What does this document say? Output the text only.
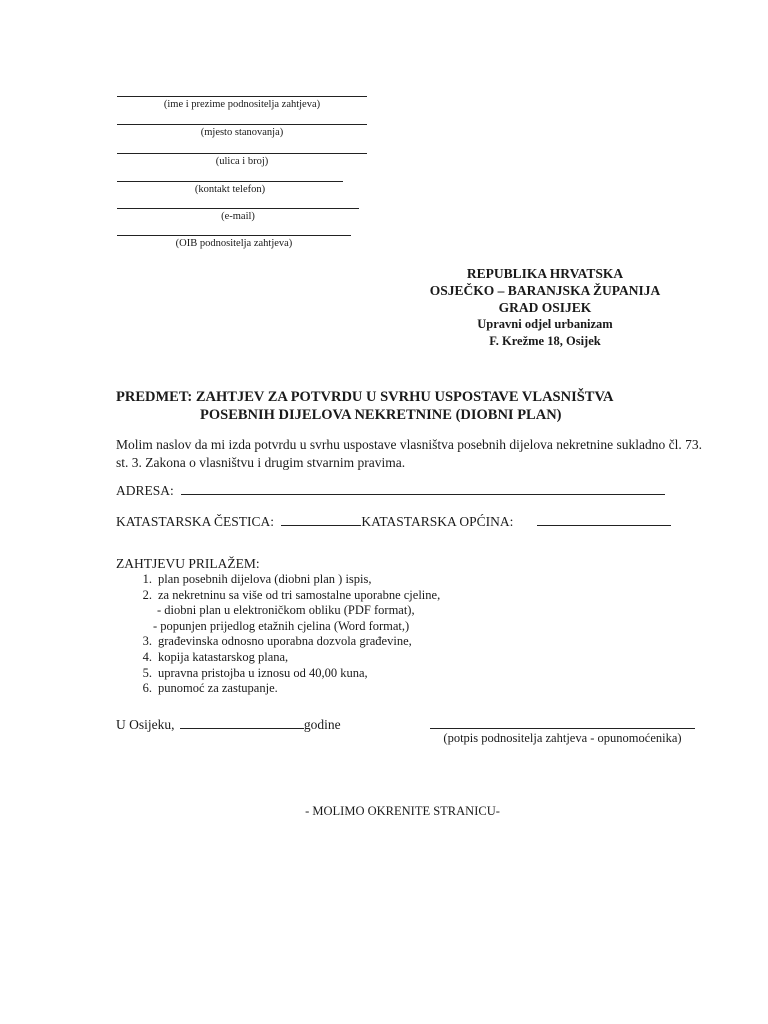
(ime i prezime podnositelja zahtjeva)
(mjesto stanovanja)
(ulica i broj)
(kontakt telefon)
(e-mail)
(OIB podnositelja zahtjeva)
REPUBLIKA HRVATSKA
OSJEČKO – BARANJSKA ŽUPANIJA
GRAD OSIJEK
Upravni odjel urbanizam
F. Krežme 18, Osijek
PREDMET: ZAHTJEV ZA POTVRDU U SVRHU USPOSTAVE VLASNIŠTVA
POSEBNIH DIJELOVA NEKRETNINE (DIOBNI PLAN)
Molim naslov da mi izda potvrdu u svrhu uspostave vlasništva posebnih dijelova nekretnine sukladno čl. 73. st. 3. Zakona o vlasništvu i drugim stvarnim pravima.
ADRESA:
KATASTARSKA ČESTICA:	KATASTARSKA OPĆINA:
ZAHTJEVU PRILAŽEM:
1. plan posebnih dijelova (diobni plan ) ispis,
2. za nekretninu sa više od tri samostalne uporabne cjeline,
- diobni plan u elektroničkom obliku (PDF format),
- popunjen prijedlog etažnih cjelina (Word format,)
3. građevinska odnosno uporabna dozvola građevine,
4. kopija katastarskog plana,
5. upravna pristojba u iznosu od 40,00 kuna,
6. punomoć za zastupanje.
U Osijeku,	godine
(potpis podnositelja zahtjeva - opunomoćenika)
- MOLIMO OKRENITE STRANICU-
